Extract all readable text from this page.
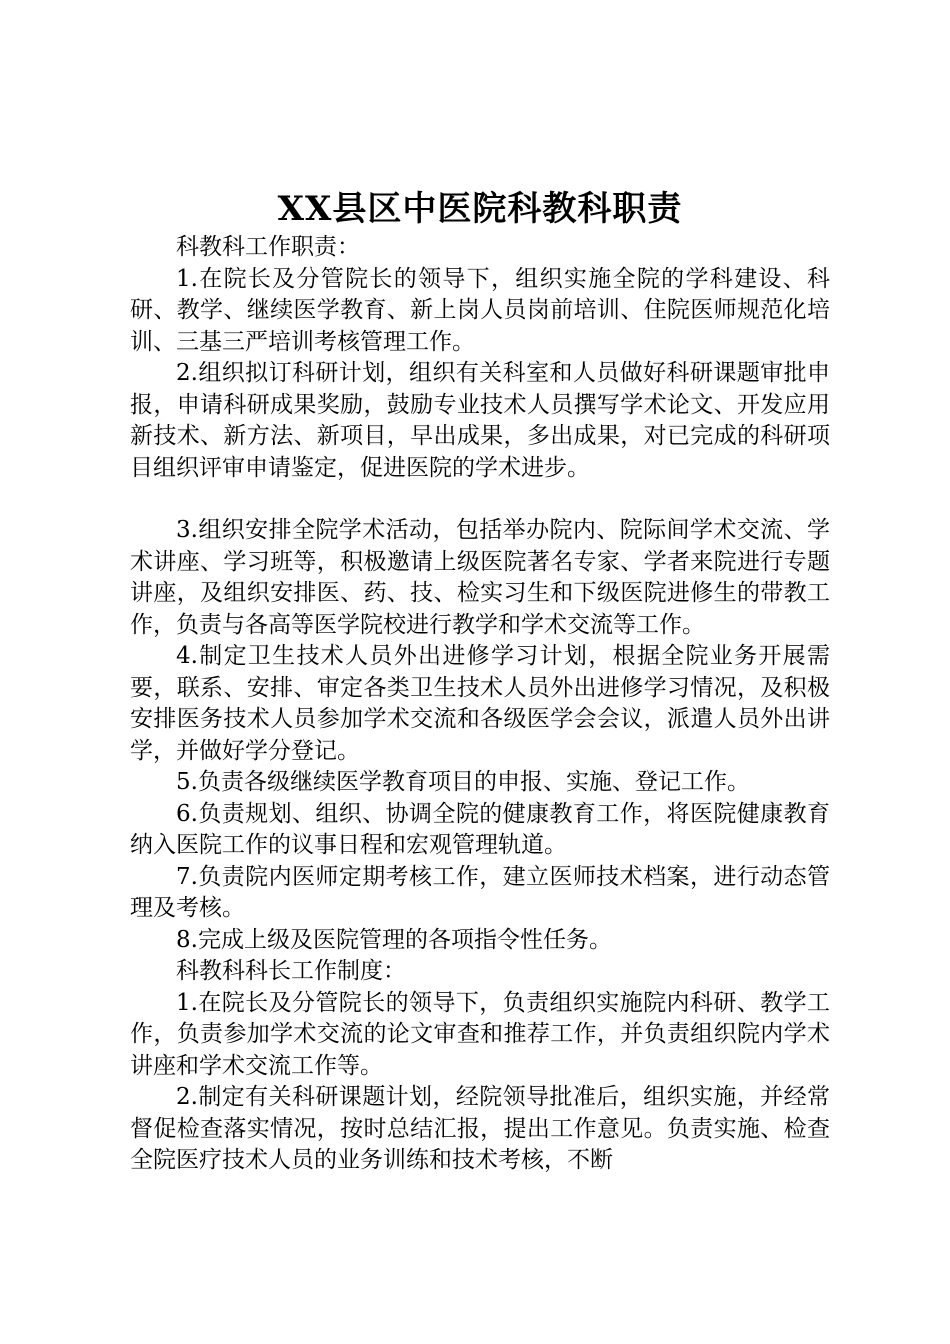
XX县区中医院科教科职责

科教科工作职责：

1.在院长及分管院长的领导下，组织实施全院的学科建设、科研、教学、继续医学教育、新上岗人员岗前培训、住院医师规范化培训、三基三严培训考核管理工作。

2.组织拟订科研计划，组织有关科室和人员做好科研课题审批申报，申请科研成果奖励，鼓励专业技术人员撰写学术论文、开发应用新技术、新方法、新项目，早出成果，多出成果，对已完成的科研项目组织评审申请鉴定，促进医院的学术进步。

3.组织安排全院学术活动，包括举办院内、院际间学术交流、学术讲座、学习班等，积极邀请上级医院著名专家、学者来院进行专题讲座，及组织安排医、药、技、检实习生和下级医院进修生的带教工作，负责与各高等医学院校进行教学和学术交流等工作。

4.制定卫生技术人员外出进修学习计划，根据全院业务开展需要，联系、安排、审定各类卫生技术人员外出进修学习情况，及积极安排医务技术人员参加学术交流和各级医学会会议，派遣人员外出讲学，并做好学分登记。

5.负责各级继续医学教育项目的申报、实施、登记工作。

6.负责规划、组织、协调全院的健康教育工作，将医院健康教育纳入医院工作的议事日程和宏观管理轨道。

7.负责院内医师定期考核工作，建立医师技术档案，进行动态管理及考核。

8.完成上级及医院管理的各项指令性任务。

科教科科长工作制度：

1.在院长及分管院长的领导下，负责组织实施院内科研、教学工作，负责参加学术交流的论文审查和推荐工作，并负责组织院内学术讲座和学术交流工作等。

2.制定有关科研课题计划，经院领导批准后，组织实施，并经常督促检查落实情况，按时总结汇报，提出工作意见。负责实施、检查全院医疗技术人员的业务训练和技术考核，不断
